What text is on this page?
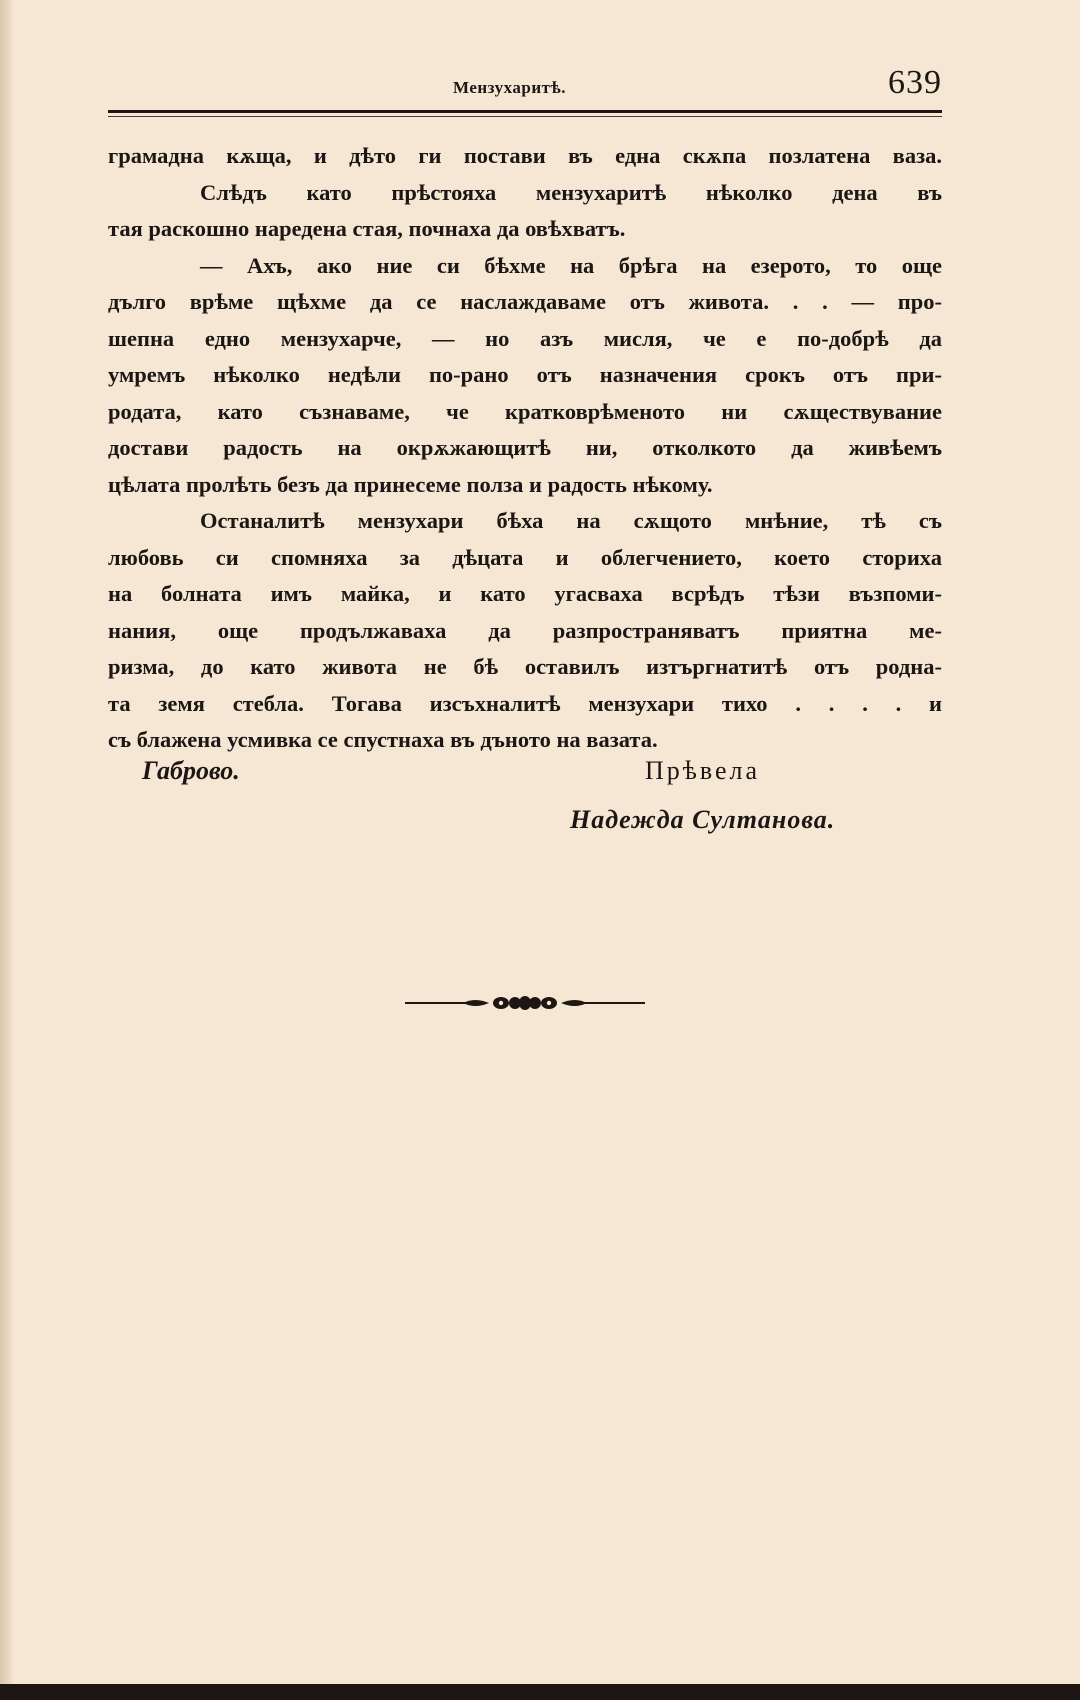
Мензухаритѣ.	639
грамадна кѫща, и дѣто ги постави въ една скѫпа позлатена ваза.
Слѣдъ като прѣстояха мензухаритѣ нѣколко дена въ
тая раскошно наредена стая, почнаха да овѣхватъ.
— Ахъ, ако ние си бѣхме на брѣга на езерото, то още
дълго врѣме щѣхме да се наслаждаваме отъ живота. . . — про-
шепна едно мензухарче, — но азъ мисля, че е по-добрѣ да
умремъ нѣколко недѣли по-рано отъ назначения срокъ отъ при-
родата, като съзнаваме, че кратковрѣменото ни сѫществувание
достави радость на окрѫжающитѣ ни, отколкото да живѣемъ
цѣлата пролѣть безъ да принесеме полза и радость нѣкому.
Останалитѣ мензухари бѣха на сѫщото мнѣние, тѣ съ
любовь си спомняха за дѣцата и облегчението, което сториха
на болната имъ майка, и като угасваха всрѣдъ тѣзи възпоми-
нания, още продължаваха да разпространяватъ приятна ме-
ризма, до като живота не бѣ оставилъ изтъргнатитѣ отъ родна-
та земя стебла. Тогава изсъхналитѣ мензухари тихо . . . . и
съ блажена усмивка се спустнаха въ дъното на вазата.
Габрово.	Прѣвела
Надежда Султанова.
